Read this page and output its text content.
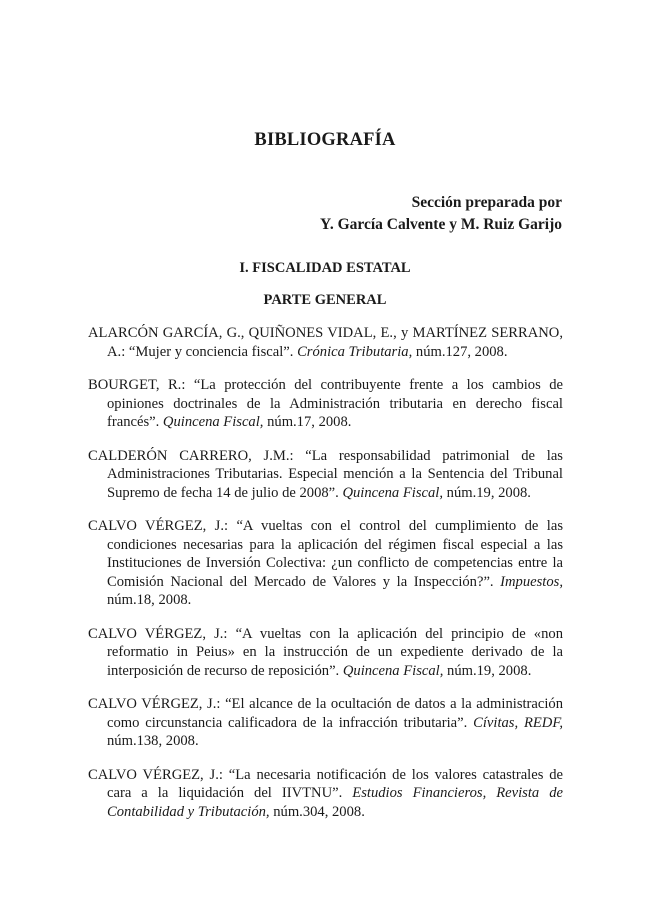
BIBLIOGRAFÍA
Sección preparada por
Y. García Calvente y M. Ruiz Garijo
I. FISCALIDAD ESTATAL
PARTE GENERAL

ALARCÓN GARCÍA, G., QUIÑONES VIDAL, E., y MARTÍNEZ SERRANO, A.: “Mujer y conciencia fiscal”. Crónica Tributaria, núm.127, 2008.

BOURGET, R.: “La protección del contribuyente frente a los cambios de opiniones doctrinales de la Administración tributaria en derecho fiscal francés”. Quincena Fiscal, núm.17, 2008.

CALDERÓN CARRERO, J.M.: “La responsabilidad patrimonial de las Administraciones Tributarias. Especial mención a la Sentencia del Tribunal Supremo de fecha 14 de julio de 2008”. Quincena Fiscal, núm.19, 2008.

CALVO VÉRGEZ, J.: “A vueltas con el control del cumplimiento de las condiciones necesarias para la aplicación del régimen fiscal especial a las Instituciones de Inversión Colectiva: ¿un conflicto de competencias entre la Comisión Nacional del Mercado de Valores y la Inspección?”. Impuestos, núm.18, 2008.

CALVO VÉRGEZ, J.: “A vueltas con la aplicación del principio de «non reformatio in Peius» en la instrucción de un expediente derivado de la interposición de recurso de reposición”. Quincena Fiscal, núm.19, 2008.

CALVO VÉRGEZ, J.: “El alcance de la ocultación de datos a la administración como circunstancia calificadora de la infracción tributaria”. Cívitas, REDF, núm.138, 2008.

CALVO VÉRGEZ, J.: “La necesaria notificación de los valores catastrales de cara a la liquidación del IIVTNU”. Estudios Financieros, Revista de Contabilidad y Tributación, núm.304, 2008.
